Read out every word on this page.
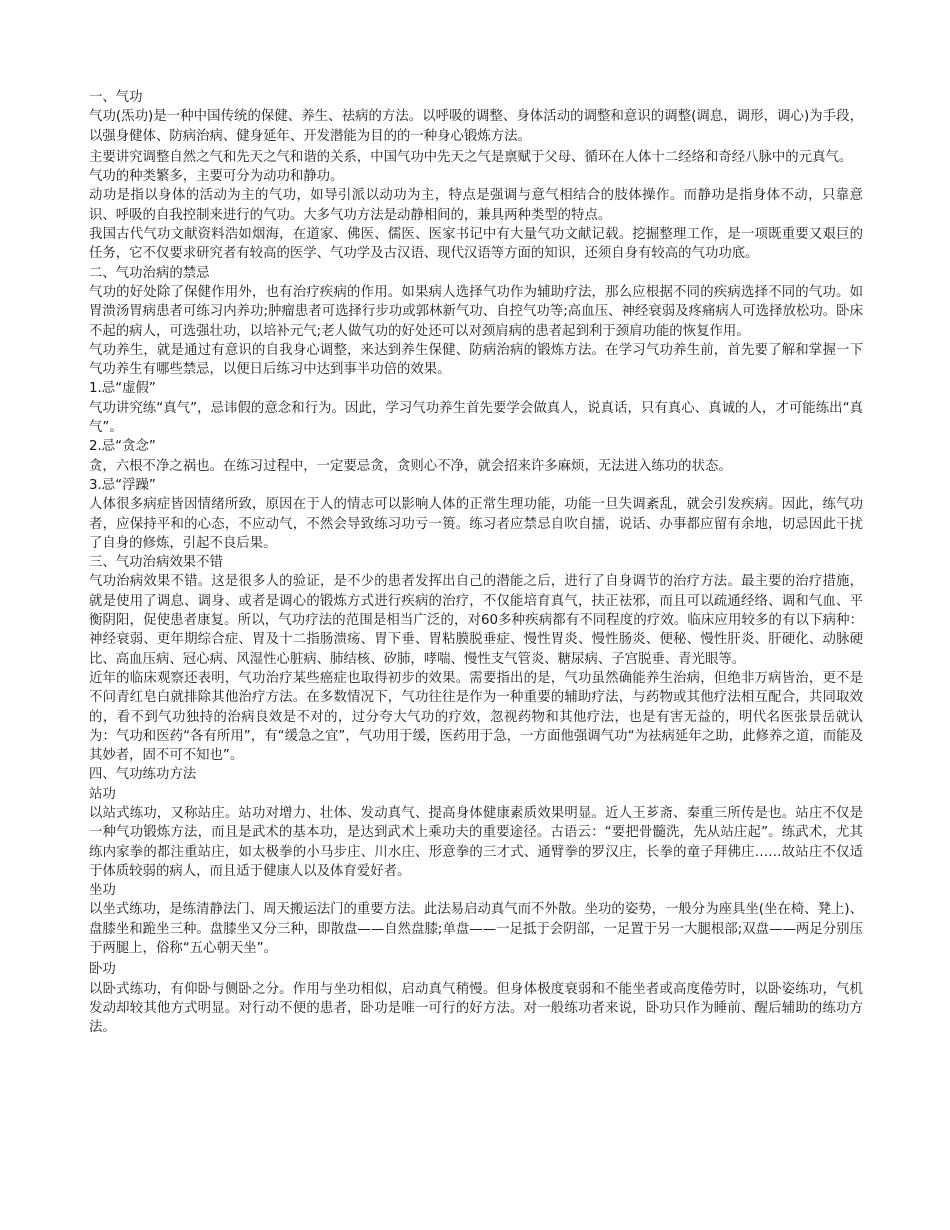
一、气功

气功(炁功)是一种中国传统的保健、养生、祛病的方法。以呼吸的调整、身体活动的调整和意识的调整(调息，调形，调心)为手段，以强身健体、防病治病、健身延年、开发潜能为目的的一种身心锻炼方法。

主要讲究调整自然之气和先天之气和谐的关系，中国气功中先天之气是禀赋于父母、循环在人体十二经络和奇经八脉中的元真气。

气功的种类繁多，主要可分为动功和静功。

动功是指以身体的活动为主的气功，如导引派以动功为主，特点是强调与意气相结合的肢体操作。而静功是指身体不动，只靠意识、呼吸的自我控制来进行的气功。大多气功方法是动静相间的，兼具两种类型的特点。

我国古代气功文献资料浩如烟海，在道家、佛医、儒医、医家书记中有大量气功文献记载。挖掘整理工作，是一项既重要又艰巨的任务，它不仅要求研究者有较高的医学、气功学及古汉语、现代汉语等方面的知识，还须自身有较高的气功功底。

二、气功治病的禁忌

气功的好处除了保健作用外，也有治疗疾病的作用。如果病人选择气功作为辅助疗法，那么应根据不同的疾病选择不同的气功。如胃溃汤胃病患者可练习内养功;肿瘤患者可选择行步功或郭林新气功、自控气功等;高血压、神经衰弱及疼痛病人可选择放松功。卧床不起的病人，可选强壮功，以培补元气;老人做气功的好处还可以对颈肩病的患者起到利于颈肩功能的恢复作用。

气功养生，就是通过有意识的自我身心调整，来达到养生保健、防病治病的锻炼方法。在学习气功养生前，首先要了解和掌握一下气功养生有哪些禁忌，以便日后练习中达到事半功倍的效果。

1.忌“虚假”

气功讲究练“真气”，忌讳假的意念和行为。因此，学习气功养生首先要学会做真人，说真话，只有真心、真诚的人，才可能练出“真气”。

2.忌“贪念”

贪，六根不净之祸也。在练习过程中，一定要忌贪，贪则心不净，就会招来许多麻烦，无法进入练功的状态。

3.忌“浮躁”

人体很多病症皆因情绪所致，原因在于人的情志可以影响人体的正常生理功能，功能一旦失调紊乱，就会引发疾病。因此，练气功者，应保持平和的心态，不应动气，不然会导致练习功亏一篑。练习者应禁忌自吹自擂，说话、办事都应留有余地，切忌因此干扰了自身的修炼，引起不良后果。

三、气功治病效果不错

气功治病效果不错。这是很多人的验证，是不少的患者发挥出自己的潜能之后，进行了自身调节的治疗方法。最主要的治疗措施，就是使用了调息、调身、或者是调心的锻炼方式进行疾病的治疗，不仅能培育真气，扶正祛邪，而且可以疏通经络、调和气血、平衡阴阳，促使患者康复。所以，气功疗法的范围是相当广泛的，对60多种疾病都有不同程度的疗效。临床应用较多的有以下病种：神经衰弱、更年期综合症、胃及十二指肠溃疡、胃下垂、胃粘膜脱垂症、慢性胃炎、慢性肠炎、便秘、慢性肝炎、肝硬化、动脉硬比、高血压病、冠心病、风湿性心脏病、肺结核、矽肺，哮喘、慢性支气管炎、糖尿病、子宫脱垂、青光眼等。

近年的临床观察还表明，气功治疗某些癌症也取得初步的效果。需要指出的是，气功虽然确能养生治病，但绝非万病皆治，更不是不问青红皂白就排除其他治疗方法。在多数情况下，气功往往是作为一种重要的辅助疗法，与药物或其他疗法相互配合，共同取效的，看不到气功独持的治病良效是不对的，过分夸大气功的疗效，忽视药物和其他疗法，也是有害无益的，明代名医张景岳就认为：气功和医药“各有所用”，有“缓急之宜”，气功用于缓，医药用于急，一方面他强调气功“为祛病延年之助，此修养之道，而能及其妙者，固不可不知也”。

四、气功练功方法

站功

以站式练功，又称站庄。站功对增力、壮体、发动真气、提高身体健康素质效果明显。近人王芗斋、秦重三所传是也。站庄不仅是一种气功锻炼方法，而且是武术的基本功，是达到武术上乘功夫的重要途径。古语云：“要把骨髓洗，先从站庄起”。练武术，尤其练内家拳的都注重站庄，如太极拳的小马步庄、川水庄、形意拳的三才式、通臂拳的罗汉庄，长拳的童子拜佛庄……故站庄不仅适于体质较弱的病人，而且适于健康人以及体育爱好者。

坐功

以坐式练功，是练清静法门、周天搬运法门的重要方法。此法易启动真气而不外散。坐功的姿势，一般分为座具坐(坐在椅、凳上)、盘膝坐和跪坐三种。盘膝坐又分三种，即散盘——自然盘膝;单盘——一足抵于会阴部，一足置于另一大腿根部;双盘——两足分别压于两腿上，俗称“五心朝天坐”。

卧功

以卧式练功，有仰卧与侧卧之分。作用与坐功相似，启动真气稍慢。但身体极度衰弱和不能坐者或高度倦劳时，以卧姿练功，气机发动却较其他方式明显。对行动不便的患者，卧功是唯一可行的好方法。对一般练功者来说，卧功只作为睡前、醒后辅助的练功方法。
